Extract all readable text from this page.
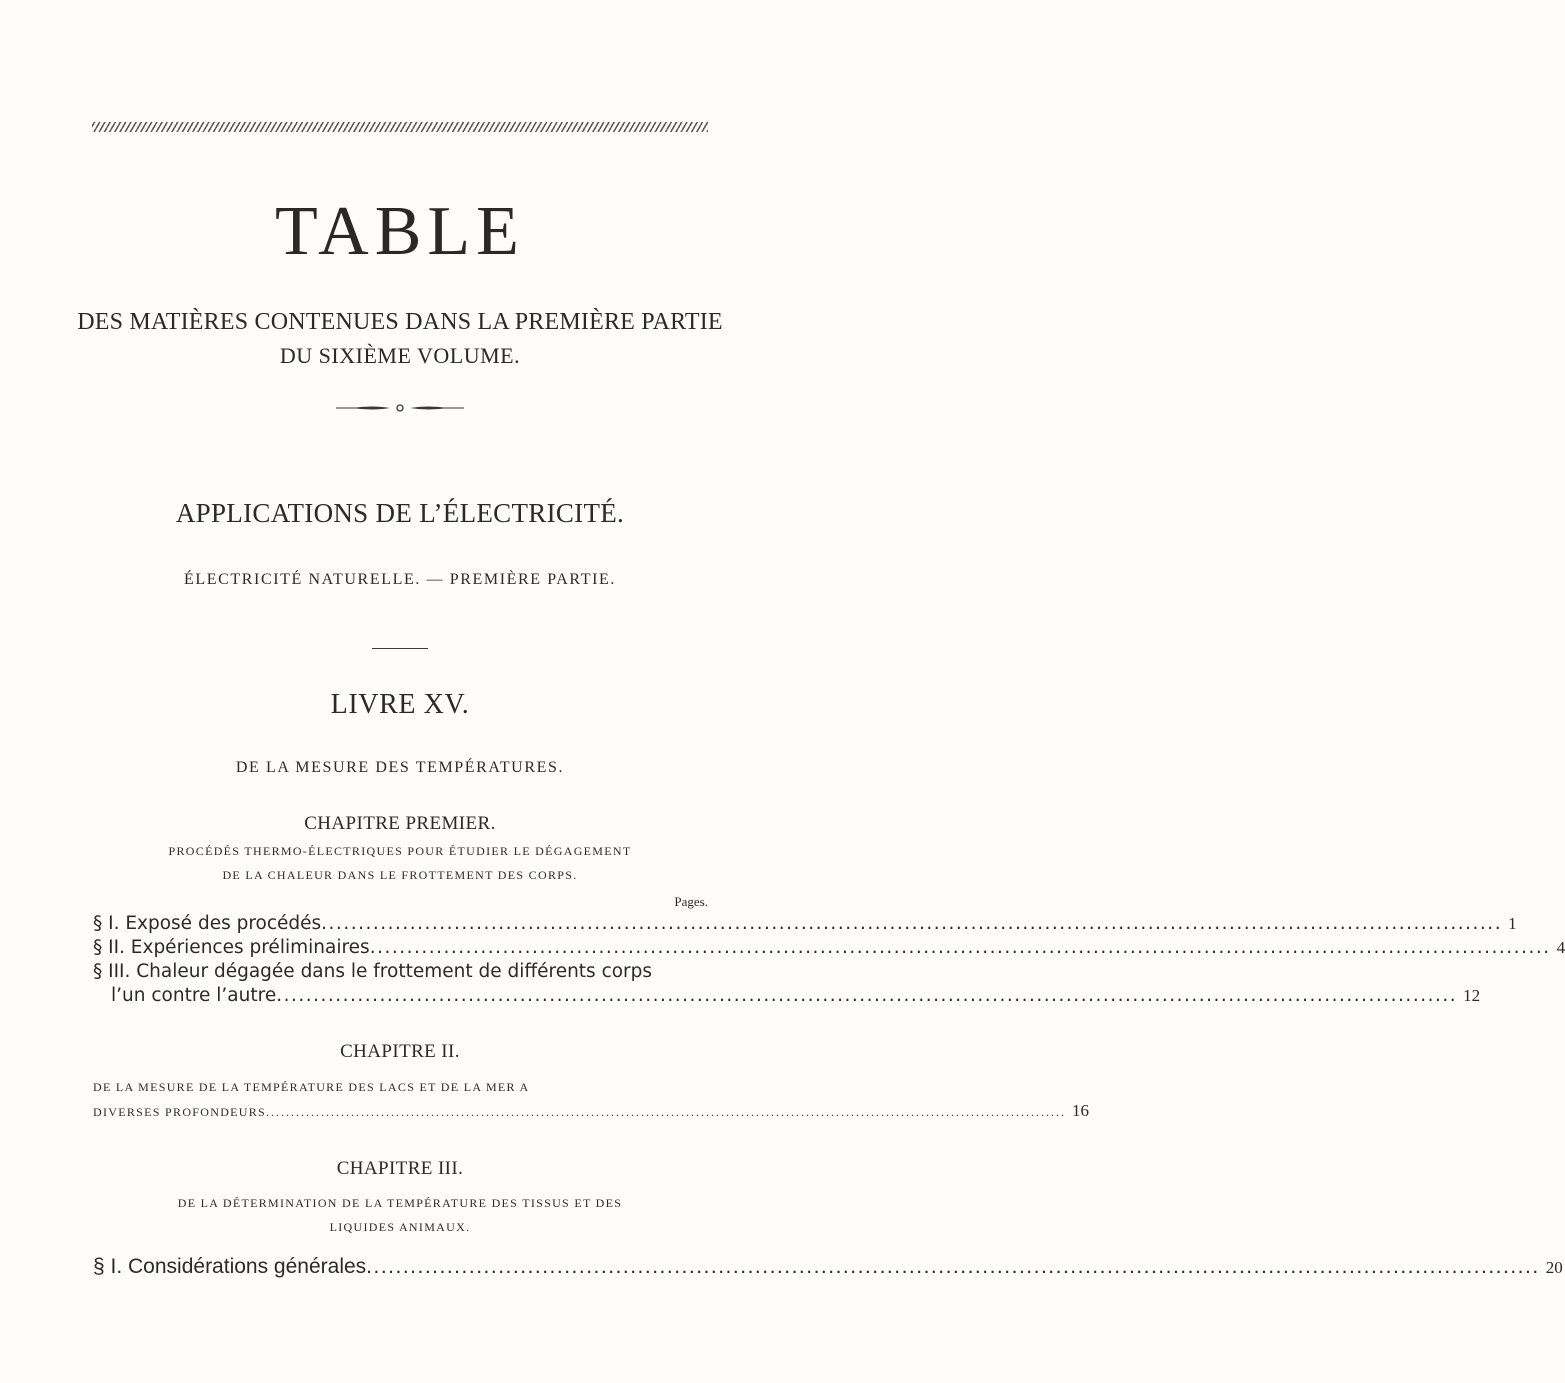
TABLE
DES MATIÈRES CONTENUES DANS LA PREMIÈRE PARTIE
DU SIXIÈME VOLUME.
APPLICATIONS DE L’ÉLECTRICITÉ.
ÉLECTRICITÉ NATURELLE. — PREMIÈRE PARTIE.
LIVRE XV.
DE LA MESURE DES TEMPÉRATURES.
CHAPITRE PREMIER.
PROCÉDÉS THERMO-ÉLECTRIQUES POUR ÉTUDIER LE DÉGAGEMENT
DE LA CHALEUR DANS LE FROTTEMENT DES CORPS.
Pages.
§ I. Exposé des procédés ................................................................................................................................................................ 1
§ II. Expériences préliminaires ................................................................................................................................................................ 4
§ III. Chaleur dégagée dans le frottement de différents corps
l’un contre l’autre ................................................................................................................................................................ 12
CHAPITRE II.
DE LA MESURE DE LA TEMPÉRATURE DES LACS ET DE LA MER A
DIVERSES PROFONDEURS ................................................................................................................................................................ 16
CHAPITRE III.
DE LA DÉTERMINATION DE LA TEMPÉRATURE DES TISSUS ET DES
LIQUIDES ANIMAUX.
§ I. Considérations générales ................................................................................................................................................................ 20
